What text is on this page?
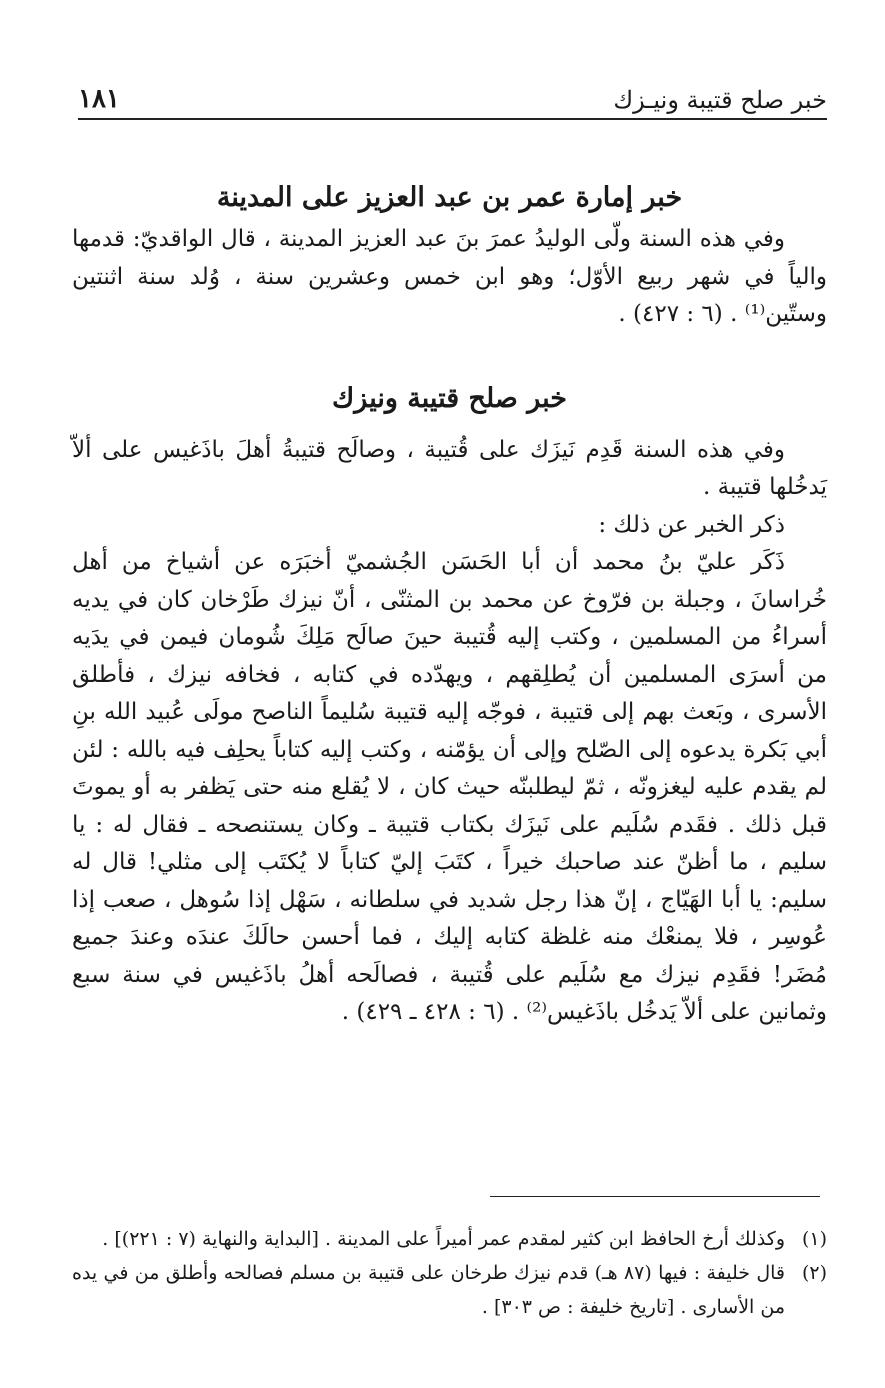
خبر صلح قتيبة ونيـزك
١٨١
خبر إمارة عمر بن عبد العزيز على المدينة

وفي هذه السنة ولّى الوليدُ عمرَ بنَ عبد العزيز المدينة ، قال الواقديّ: قدمها والياً في شهر ربيع الأوّل؛ وهو ابن خمس وعشرين سنة ، وُلد سنة اثنتين وستّين⁽¹⁾ . (٦ : ٤٢٧) .

خبر صلح قتيبة ونيزك

وفي هذه السنة قَدِم نَيزَك على قُتيبة ، وصالَح قتيبةُ أهلَ باذَغيس على ألاّ يَدخُلها قتيبة .

ذكر الخبر عن ذلك :

ذَكَر عليّ بنُ محمد أن أبا الحَسَن الجُشميّ أخبَرَه عن أشياخ من أهل خُراسانَ ، وجبلة بن فرّوخ عن محمد بن المثنّى ، أنّ نيزك طَرْخان كان في يديه أسراءُ من المسلمين ، وكتب إليه قُتيبة حينَ صالَح مَلِكَ شُومان فيمن في يدَيه من أسرَى المسلمين أن يُطلِقهم ، ويهدّده في كتابه ، فخافه نيزك ، فأطلق الأسرى ، وبَعث بهم إلى قتيبة ، فوجّه إليه قتيبة سُليماً الناصح مولَى عُبيد الله بنِ أبي بَكرة يدعوه إلى الصّلح وإلى أن يؤمّنه ، وكتب إليه كتاباً يحلِف فيه بالله : لئن لم يقدم عليه ليغزونّه ، ثمّ ليطلبنّه حيث كان ، لا يُقلع منه حتى يَظفر به أو يموتَ قبل ذلك . فقَدم سُلَيم على نَيزَك بكتاب قتيبة ـ وكان يستنصحه ـ فقال له : يا سليم ، ما أظنّ عند صاحبك خيراً ، كتَبَ إليّ كتاباً لا يُكتَب إلى مثلي! قال له سليم: يا أبا الهَيّاج ، إنّ هذا رجل شديد في سلطانه ، سَهْل إذا سُوهل ، صعب إذا عُوسِر ، فلا يمنعْك منه غلظة كتابه إليك ، فما أحسن حالَكَ عندَه وعندَ جميع مُضَر! فقَدِم نيزك مع سُلَيم على قُتيبة ، فصالَحه أهلُ باذَغيس في سنة سبع وثمانين على ألاّ يَدخُل باذَغيس⁽²⁾ . (٦ : ٤٢٨ ـ ٤٢٩) .

(١)
وكذلك أرخ الحافظ ابن كثير لمقدم عمر أميراً على المدينة . [البداية والنهاية (٧ : ٢٢١)] .
(٢)
قال خليفة : فيها (٨٧ هـ) قدم نيزك طرخان على قتيبة بن مسلم فصالحه وأطلق من في يده من الأسارى . [تاريخ خليفة : ص ٣٠٣] .
